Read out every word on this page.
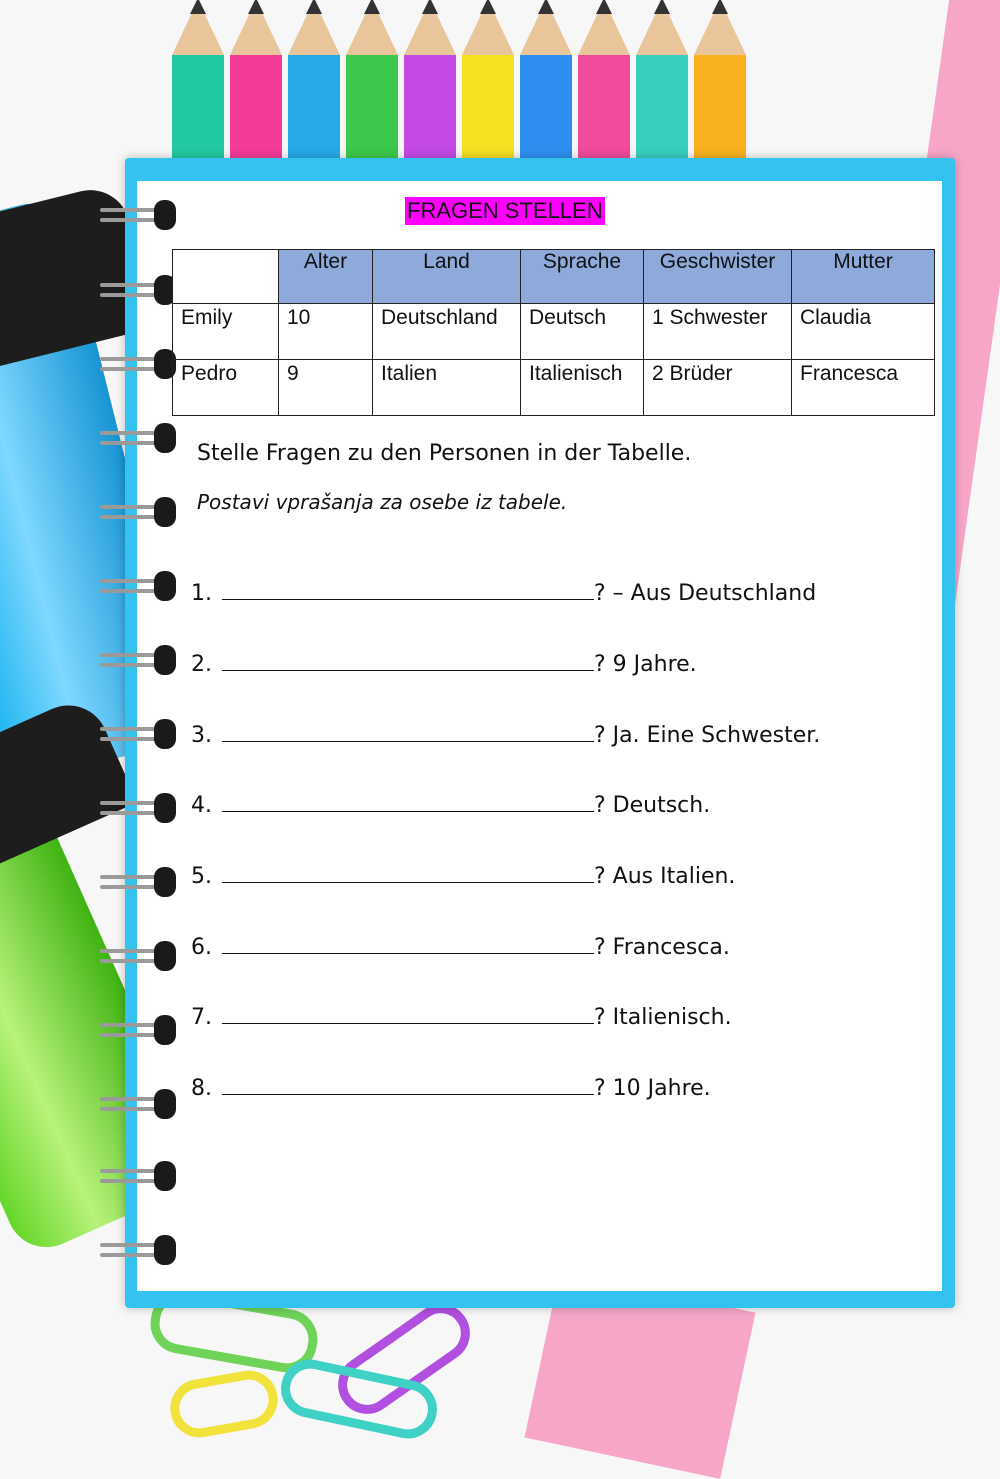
FRAGEN STELLEN
	Alter	Land	Sprache	Geschwister	Mutter
Emily	10	Deutschland	Deutsch	1 Schwester	Claudia
Pedro	9	Italien	Italienisch	2 Brüder	Francesca
Stelle Fragen zu den Personen in der Tabelle.
Postavi vprašanja za osebe iz tabele.
1.	? – Aus Deutschland
2.	? 9 Jahre.
3.	? Ja. Eine Schwester.
4.	? Deutsch.
5.	? Aus Italien.
6.	? Francesca.
7.	? Italienisch.
8.	? 10 Jahre.
